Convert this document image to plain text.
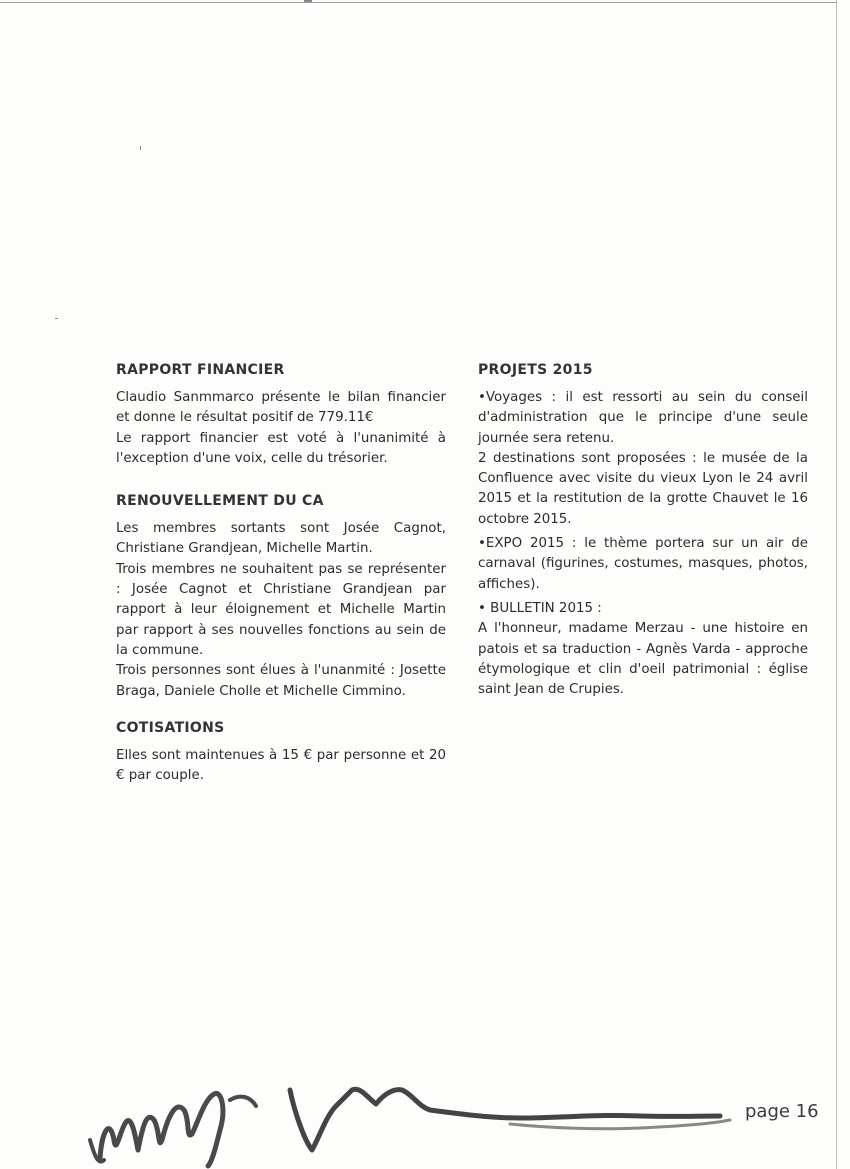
RAPPORT FINANCIER

Claudio Sanmmarco présente le bilan financier et donne le résultat positif de 779.11€

Le rapport financier est voté à l'unanimité à l'exception d'une voix, celle du trésorier.

RENOUVELLEMENT DU CA

Les membres sortants sont Josée Cagnot, Christiane Grandjean, Michelle Martin.

Trois membres ne souhaitent pas se représenter : Josée Cagnot et Christiane Grandjean par rapport à leur éloignement et Michelle Martin par rapport à ses nouvelles fonctions au sein de la commune.

Trois personnes sont élues à l'unanmité : Josette Braga, Daniele Cholle et Michelle Cimmino.

COTISATIONS

Elles sont maintenues à 15 € par personne et 20 € par couple.

PROJETS 2015

•Voyages : il est ressorti au sein du conseil d'administration que le principe d'une seule journée sera retenu.

2 destinations sont proposées : le musée de la Confluence avec visite du vieux Lyon le 24 avril 2015 et la restitution de la grotte Chauvet le 16 octobre 2015.

•EXPO 2015 : le thème portera sur un air de carnaval (figurines, costumes, masques, photos, affiches).

• BULLETIN 2015 :

A l'honneur, madame Merzau - une histoire en patois et sa traduction - Agnès Varda - approche étymologique et clin d'oeil patrimonial : église saint Jean de Crupies.

page 16
